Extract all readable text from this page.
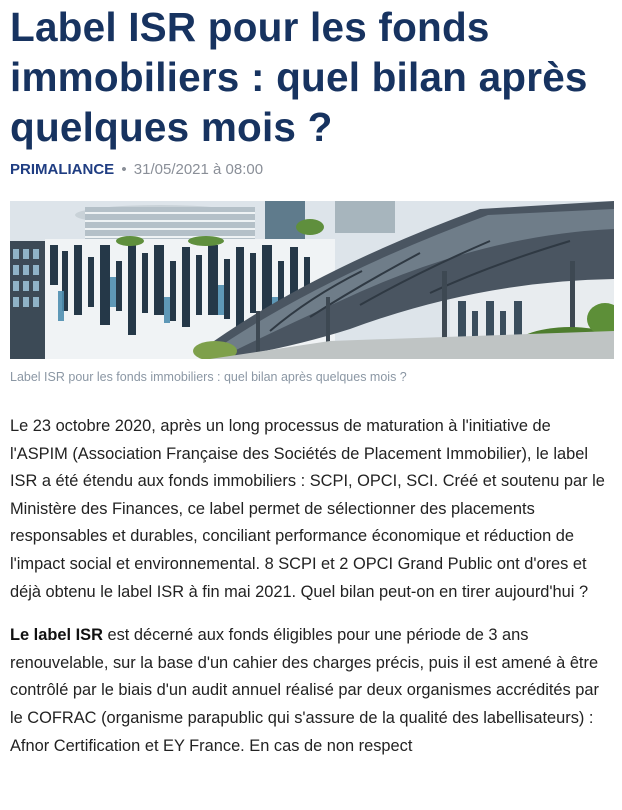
Label ISR pour les fonds immobiliers : quel bilan après quelques mois ?
PRIMALIANCE • 31/05/2021 à 08:00
Label ISR pour les fonds immobiliers : quel bilan après quelques mois ?

Le 23 octobre 2020, après un long processus de maturation à l'initiative de l'ASPIM (Association Française des Sociétés de Placement Immobilier), le label ISR a été étendu aux fonds immobiliers : SCPI, OPCI, SCI. Créé et soutenu par le Ministère des Finances, ce label permet de sélectionner des placements responsables et durables, conciliant performance économique et réduction de l'impact social et environnemental. 8 SCPI et 2 OPCI Grand Public ont d'ores et déjà obtenu le label ISR à fin mai 2021. Quel bilan peut-on en tirer aujourd'hui ?

Le label ISR est décerné aux fonds éligibles pour une période de 3 ans renouvelable, sur la base d'un cahier des charges précis, puis il est amené à être contrôlé par le biais d'un audit annuel réalisé par deux organismes accrédités par le COFRAC (organisme parapublic qui s'assure de la qualité des labellisateurs) : Afnor Certification et EY France. En cas de non respect
